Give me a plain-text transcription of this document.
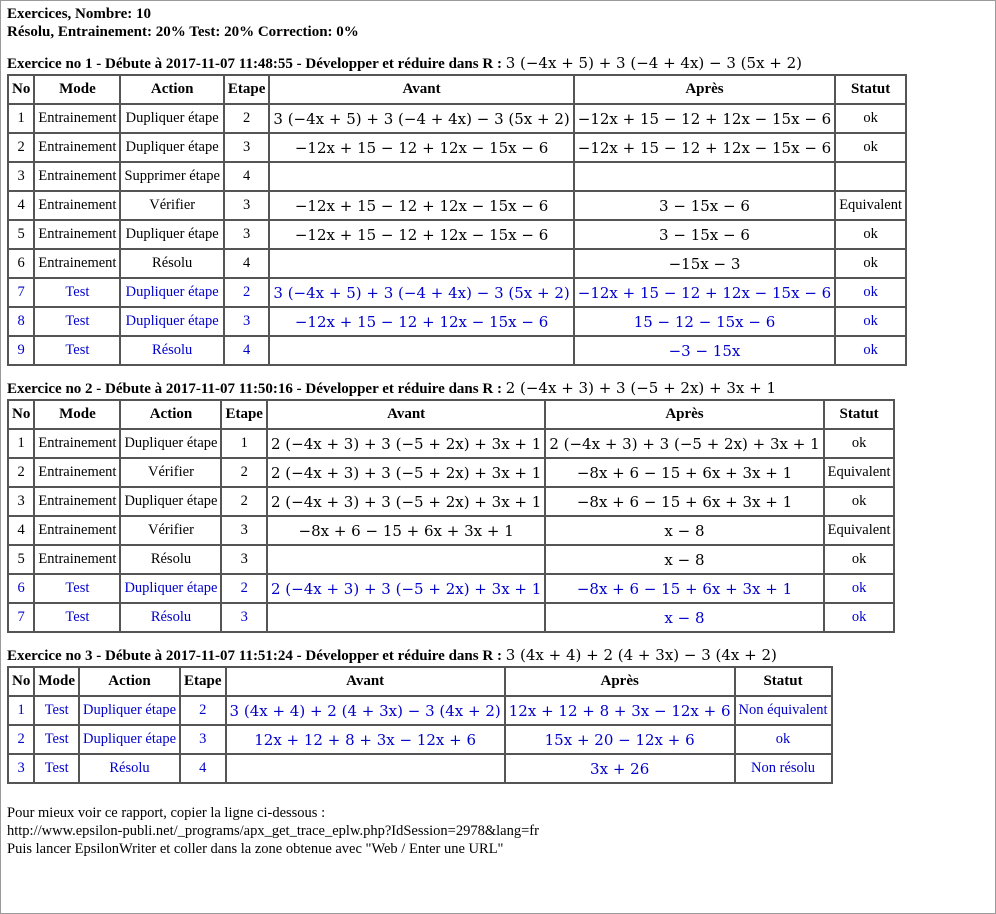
Exercices, Nombre: 10
Résolu, Entrainement: 20% Test: 20% Correction: 0%
Exercice no 1 - Débute à 2017-11-07 11:48:55 - Développer et réduire dans R : 3 (−4x + 5) + 3 (−4 + 4x) − 3 (5x + 2)
No	Mode	Action	Etape	Avant	Après	Statut
1	Entrainement	Dupliquer étape	2	3 (−4x + 5) + 3 (−4 + 4x) − 3 (5x + 2)	−12x + 15 − 12 + 12x − 15x − 6	ok
2	Entrainement	Dupliquer étape	3	−12x + 15 − 12 + 12x − 15x − 6	−12x + 15 − 12 + 12x − 15x − 6	ok
3	Entrainement	Supprimer étape	4			
4	Entrainement	Vérifier	3	−12x + 15 − 12 + 12x − 15x − 6	3 − 15x − 6	Equivalent
5	Entrainement	Dupliquer étape	3	−12x + 15 − 12 + 12x − 15x − 6	3 − 15x − 6	ok
6	Entrainement	Résolu	4		−15x − 3	ok
7	Test	Dupliquer étape	2	3 (−4x + 5) + 3 (−4 + 4x) − 3 (5x + 2)	−12x + 15 − 12 + 12x − 15x − 6	ok
8	Test	Dupliquer étape	3	−12x + 15 − 12 + 12x − 15x − 6	15 − 12 − 15x − 6	ok
9	Test	Résolu	4		−3 − 15x	ok
Exercice no 2 - Débute à 2017-11-07 11:50:16 - Développer et réduire dans R : 2 (−4x + 3) + 3 (−5 + 2x) + 3x + 1
No	Mode	Action	Etape	Avant	Après	Statut
1	Entrainement	Dupliquer étape	1	2 (−4x + 3) + 3 (−5 + 2x) + 3x + 1	2 (−4x + 3) + 3 (−5 + 2x) + 3x + 1	ok
2	Entrainement	Vérifier	2	2 (−4x + 3) + 3 (−5 + 2x) + 3x + 1	−8x + 6 − 15 + 6x + 3x + 1	Equivalent
3	Entrainement	Dupliquer étape	2	2 (−4x + 3) + 3 (−5 + 2x) + 3x + 1	−8x + 6 − 15 + 6x + 3x + 1	ok
4	Entrainement	Vérifier	3	−8x + 6 − 15 + 6x + 3x + 1	x − 8	Equivalent
5	Entrainement	Résolu	3		x − 8	ok
6	Test	Dupliquer étape	2	2 (−4x + 3) + 3 (−5 + 2x) + 3x + 1	−8x + 6 − 15 + 6x + 3x + 1	ok
7	Test	Résolu	3		x − 8	ok
Exercice no 3 - Débute à 2017-11-07 11:51:24 - Développer et réduire dans R : 3 (4x + 4) + 2 (4 + 3x) − 3 (4x + 2)
No	Mode	Action	Etape	Avant	Après	Statut
1	Test	Dupliquer étape	2	3 (4x + 4) + 2 (4 + 3x) − 3 (4x + 2)	12x + 12 + 8 + 3x − 12x + 6	Non équivalent
2	Test	Dupliquer étape	3	12x + 12 + 8 + 3x − 12x + 6	15x + 20 − 12x + 6	ok
3	Test	Résolu	4		3x + 26	Non résolu
Pour mieux voir ce rapport, copier la ligne ci-dessous :
http://www.epsilon-publi.net/_programs/apx_get_trace_eplw.php?IdSession=2978&lang=fr
Puis lancer EpsilonWriter et coller dans la zone obtenue avec "Web / Enter une URL"
